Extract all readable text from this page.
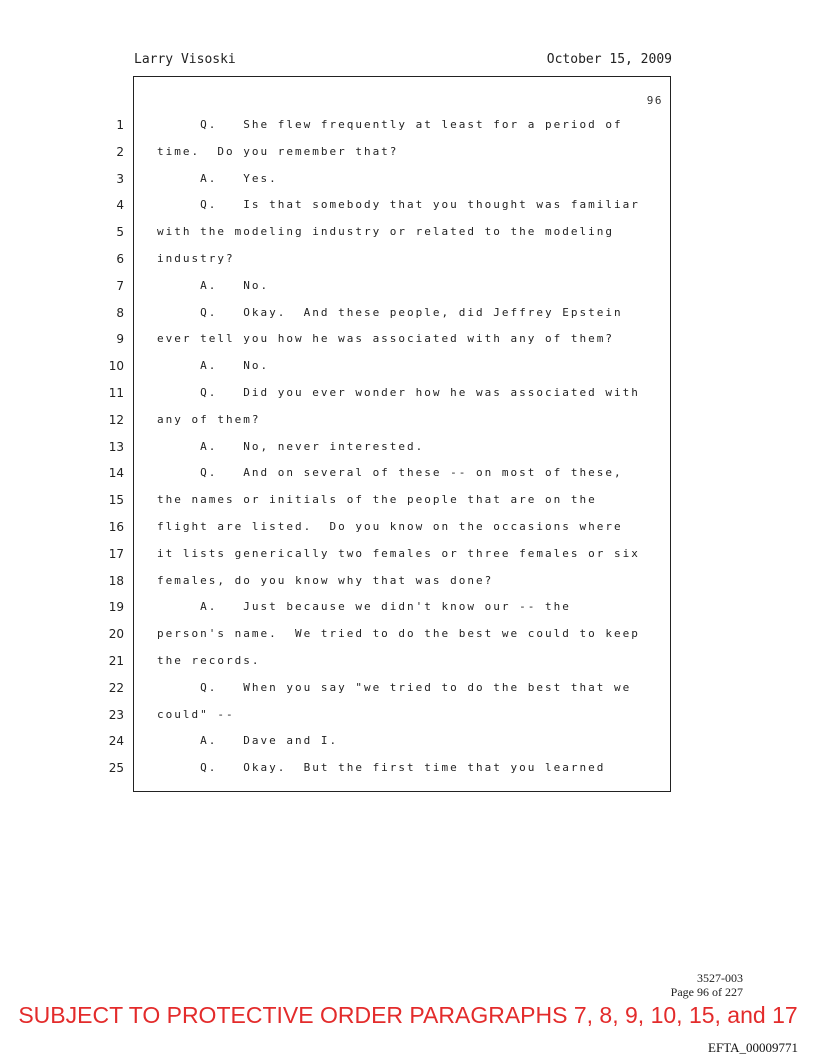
Larry Visoski	October 15, 2009
96
1	Q.   She flew frequently at least for a period of
2	time.  Do you remember that?
3	A.   Yes.
4	Q.   Is that somebody that you thought was familiar
5	with the modeling industry or related to the modeling
6	industry?
7	A.   No.
8	Q.   Okay.  And these people, did Jeffrey Epstein
9	ever tell you how he was associated with any of them?
10	A.   No.
11	Q.   Did you ever wonder how he was associated with
12	any of them?
13	A.   No, never interested.
14	Q.   And on several of these -- on most of these,
15	the names or initials of the people that are on the
16	flight are listed.  Do you know on the occasions where
17	it lists generically two females or three females or six
18	females, do you know why that was done?
19	A.   Just because we didn't know our -- the
20	person's name.  We tried to do the best we could to keep
21	the records.
22	Q.   When you say "we tried to do the best that we
23	could" --
24	A.   Dave and I.
25	Q.   Okay.  But the first time that you learned
3527-003
Page 96 of 227
SUBJECT TO PROTECTIVE ORDER PARAGRAPHS 7, 8, 9, 10, 15, and 17
EFTA_00009771
